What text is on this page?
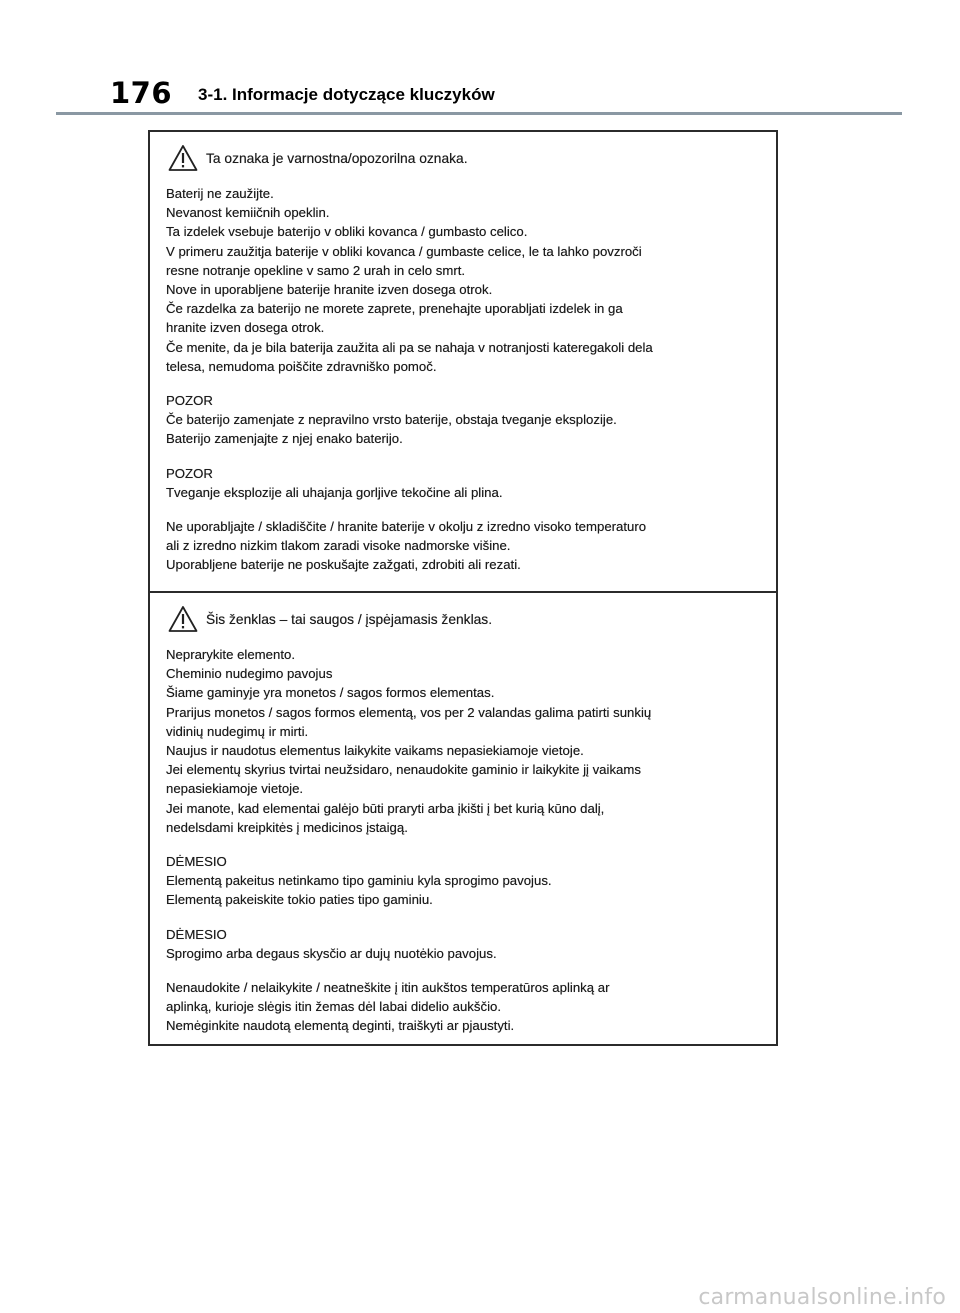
176 3-1. Informacje dotyczące kluczyków
Ta oznaka je varnostna/opozorilna oznaka.
Baterij ne zaužijte.
Nevanost kemiičnih opeklin.
Ta izdelek vsebuje baterijo v obliki kovanca / gumbasto celico.
V primeru zaužitja baterije v obliki kovanca / gumbaste celice, le ta lahko povzroči
resne notranje opekline v samo 2 urah in celo smrt.
Nove in uporabljene baterije hranite izven dosega otrok.
Če razdelka za baterijo ne morete zaprete, prenehajte uporabljati izdelek in ga
hranite izven dosega otrok.
Če menite, da je bila baterija zaužita ali pa se nahaja v notranjosti kateregakoli dela
telesa, nemudoma poiščite zdravniško pomoč.
POZOR
Če baterijo zamenjate z nepravilno vrsto baterije, obstaja tveganje eksplozije.
Baterijo zamenjajte z njej enako baterijo.
POZOR
Tveganje eksplozije ali uhajanja gorljive tekočine ali plina.
Ne uporabljajte / skladiščite / hranite baterije v okolju z izredno visoko temperaturo
ali z izredno nizkim tlakom zaradi visoke nadmorske višine.
Uporabljene baterije ne poskušajte zažgati, zdrobiti ali rezati.
Šis ženklas – tai saugos / įspėjamasis ženklas.
Neprarykite elemento.
Cheminio nudegimo pavojus
Šiame gaminyje yra monetos / sagos formos elementas.
Prarijus monetos / sagos formos elementą, vos per 2 valandas galima patirti sunkių
vidinių nudegimų ir mirti.
Naujus ir naudotus elementus laikykite vaikams nepasiekiamoje vietoje.
Jei elementų skyrius tvirtai neužsidaro, nenaudokite gaminio ir laikykite jį vaikams
nepasiekiamoje vietoje.
Jei manote, kad elementai galėjo būti praryti arba įkišti į bet kurią kūno dalį,
nedelsdami kreipkitės į medicinos įstaigą.
DĖMESIO
Elementą pakeitus netinkamo tipo gaminiu kyla sprogimo pavojus.
Elementą pakeiskite tokio paties tipo gaminiu.
DĖMESIO
Sprogimo arba degaus skysčio ar dujų nuotėkio pavojus.
Nenaudokite / nelaikykite / neatneškite į itin aukštos temperatūros aplinką ar
aplinką, kurioje slėgis itin žemas dėl labai didelio aukščio.
Nemėginkite naudotą elementą deginti, traiškyti ar pjaustyti.
carmanualsonline.info
